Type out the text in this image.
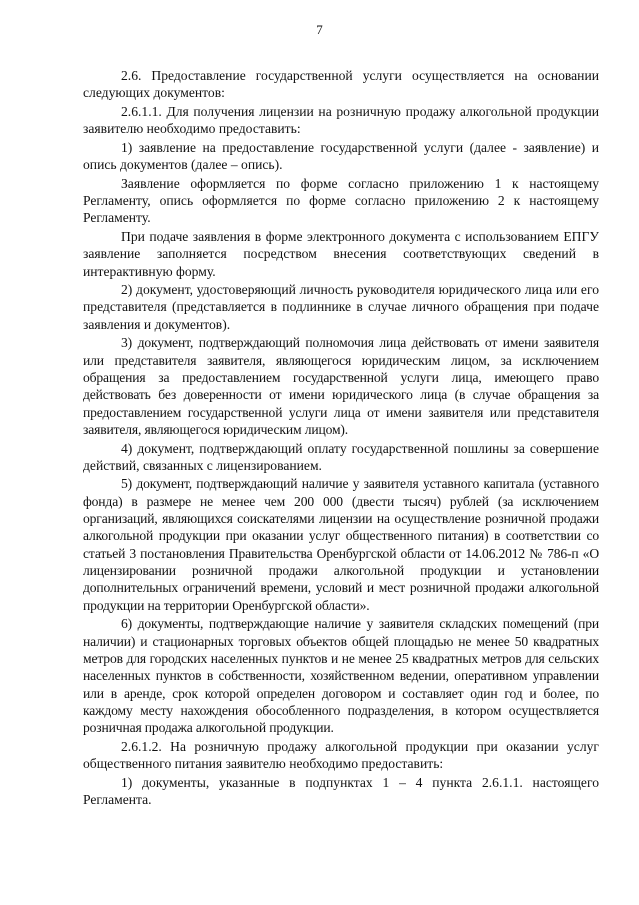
7

2.6. Предоставление государственной услуги осуществляется на основании следующих документов:

2.6.1.1. Для получения лицензии на розничную продажу алкогольной продукции заявителю необходимо предоставить:

1) заявление на предоставление государственной услуги (далее - заявление) и опись документов (далее – опись).

Заявление оформляется по форме согласно приложению 1 к настоящему Регламенту, опись оформляется по форме согласно приложению 2 к настоящему Регламенту.

При подаче заявления в форме электронного документа с использованием ЕПГУ заявление заполняется посредством внесения соответствующих сведений в интерактивную форму.

2) документ, удостоверяющий личность руководителя юридического лица или его представителя (представляется в подлиннике в случае личного обращения при подаче заявления и документов).

3) документ, подтверждающий полномочия лица действовать от имени заявителя или представителя заявителя, являющегося юридическим лицом, за исключением обращения за предоставлением государственной услуги лица, имеющего право действовать без доверенности от имени юридического лица (в случае обращения за предоставлением государственной услуги лица от имени заявителя или представителя заявителя, являющегося юридическим лицом).

4) документ, подтверждающий оплату государственной пошлины за совершение действий, связанных с лицензированием.

5) документ, подтверждающий наличие у заявителя уставного капитала (уставного фонда) в размере не менее чем 200 000 (двести тысяч) рублей (за исключением организаций, являющихся соискателями лицензии на осуществление розничной продажи алкогольной продукции при оказании услуг общественного питания) в соответствии со статьей 3 постановления Правительства Оренбургской области от 14.06.2012 № 786-п «О лицензировании розничной продажи алкогольной продукции и установлении дополнительных ограничений времени, условий и мест розничной продажи алкогольной продукции на территории Оренбургской области».

6) документы, подтверждающие наличие у заявителя складских помещений (при наличии) и стационарных торговых объектов общей площадью не менее 50 квадратных метров для городских населенных пунктов и не менее 25 квадратных метров для сельских населенных пунктов в собственности, хозяйственном ведении, оперативном управлении или в аренде, срок которой определен договором и составляет один год и более, по каждому месту нахождения обособленного подразделения, в котором осуществляется розничная продажа алкогольной продукции.

2.6.1.2. На розничную продажу алкогольной продукции при оказании услуг общественного питания заявителю необходимо предоставить:

1) документы, указанные в подпунктах 1 – 4 пункта 2.6.1.1. настоящего Регламента.
